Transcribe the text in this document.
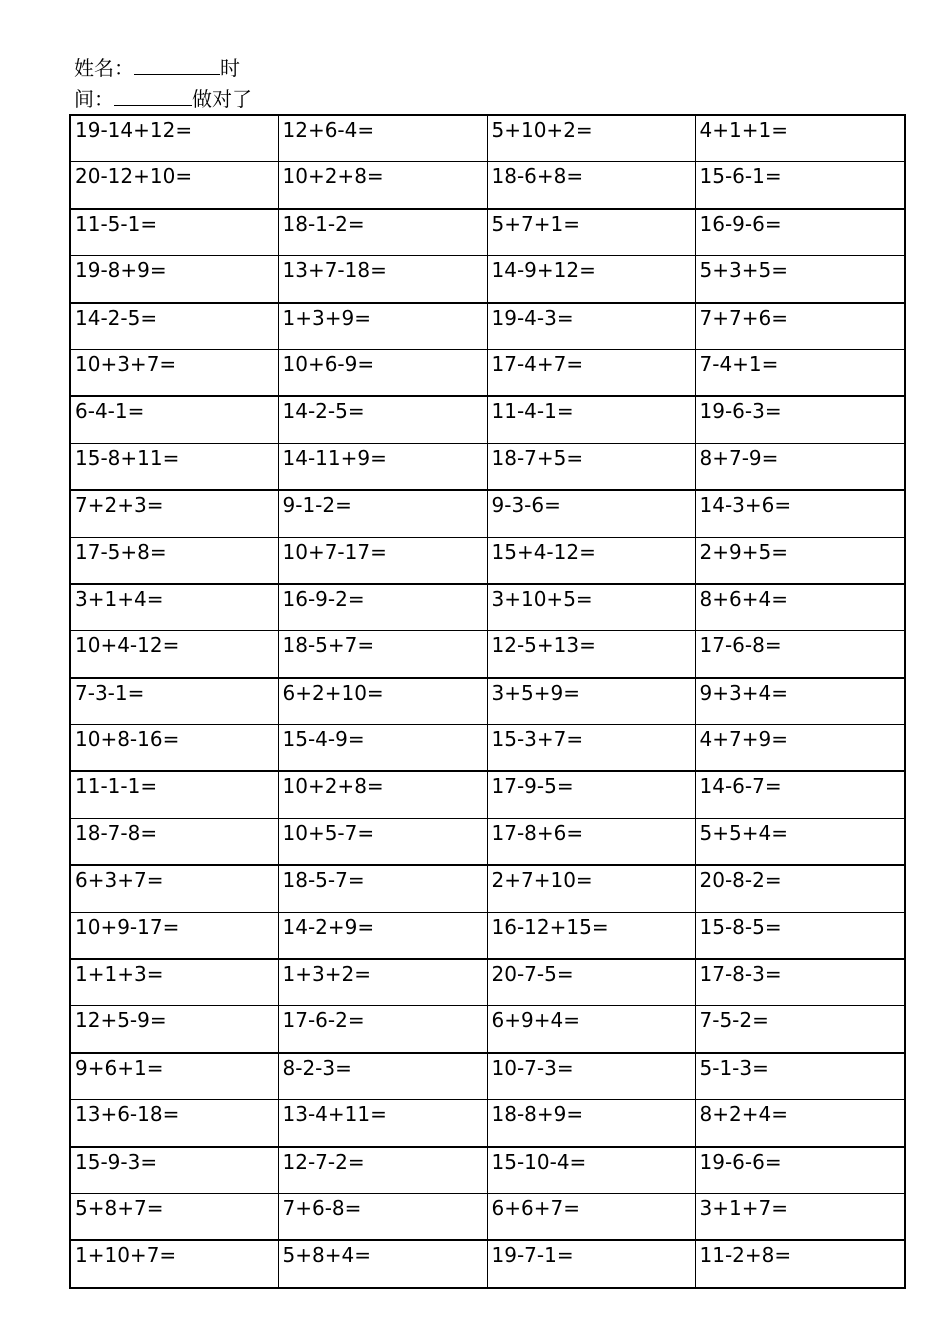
姓名：	时
间：	做对了
19-14+12=	12+6-4=	5+10+2=	4+1+1=
20-12+10=	10+2+8=	18-6+8=	15-6-1=
11-5-1=	18-1-2=	5+7+1=	16-9-6=
19-8+9=	13+7-18=	14-9+12=	5+3+5=
14-2-5=	1+3+9=	19-4-3=	7+7+6=
10+3+7=	10+6-9=	17-4+7=	7-4+1=
6-4-1=	14-2-5=	11-4-1=	19-6-3=
15-8+11=	14-11+9=	18-7+5=	8+7-9=
7+2+3=	9-1-2=	9-3-6=	14-3+6=
17-5+8=	10+7-17=	15+4-12=	2+9+5=
3+1+4=	16-9-2=	3+10+5=	8+6+4=
10+4-12=	18-5+7=	12-5+13=	17-6-8=
7-3-1=	6+2+10=	3+5+9=	9+3+4=
10+8-16=	15-4-9=	15-3+7=	4+7+9=
11-1-1=	10+2+8=	17-9-5=	14-6-7=
18-7-8=	10+5-7=	17-8+6=	5+5+4=
6+3+7=	18-5-7=	2+7+10=	20-8-2=
10+9-17=	14-2+9=	16-12+15=	15-8-5=
1+1+3=	1+3+2=	20-7-5=	17-8-3=
12+5-9=	17-6-2=	6+9+4=	7-5-2=
9+6+1=	8-2-3=	10-7-3=	5-1-3=
13+6-18=	13-4+11=	18-8+9=	8+2+4=
15-9-3=	12-7-2=	15-10-4=	19-6-6=
5+8+7=	7+6-8=	6+6+7=	3+1+7=
1+10+7=	5+8+4=	19-7-1=	11-2+8=
